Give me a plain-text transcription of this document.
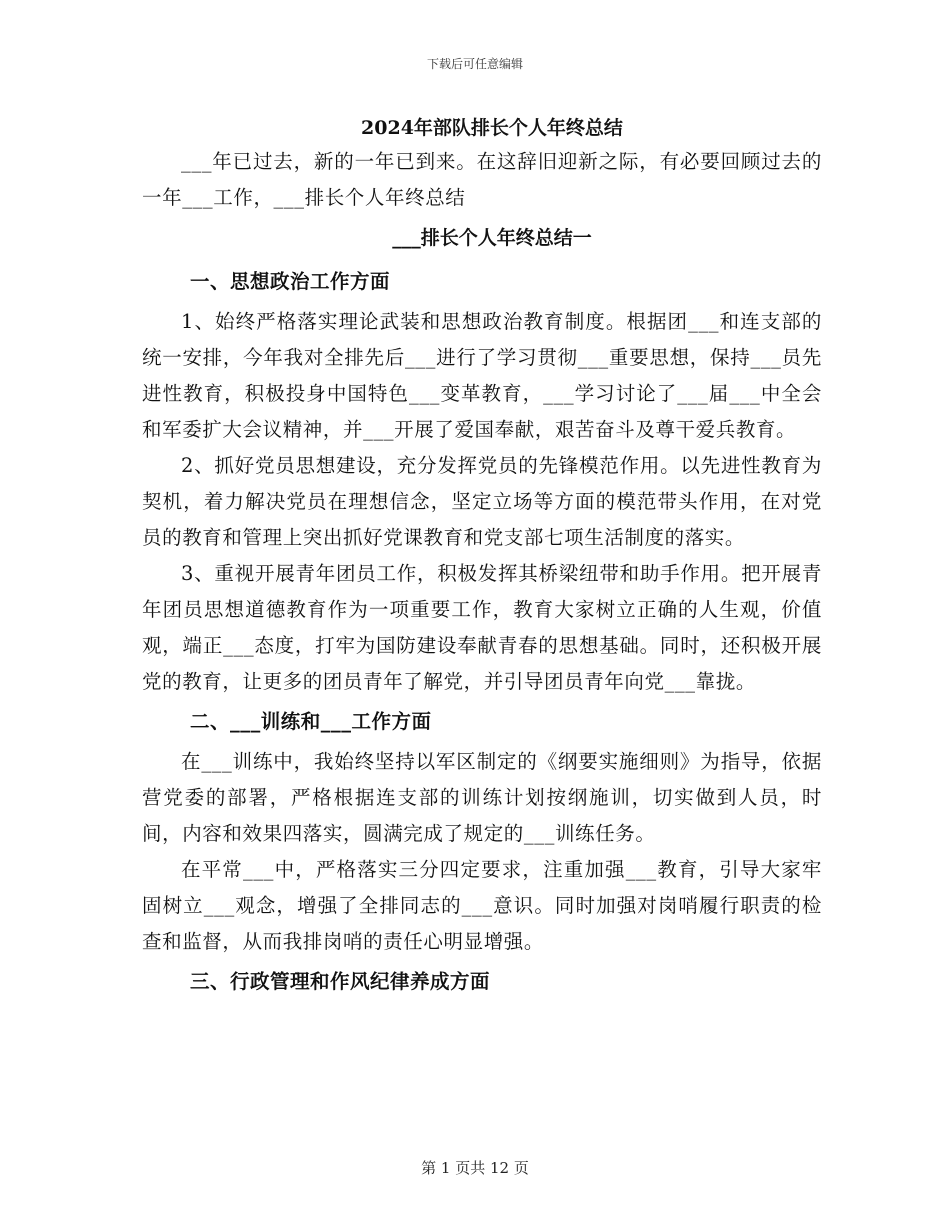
下载后可任意编辑
2024年部队排长个人年终总结

___年已过去，新的一年已到来。在这辞旧迎新之际，有必要回顾过去的一年___工作，___排长个人年终总结

___排长个人年终总结一
一、思想政治工作方面

1、始终严格落实理论武装和思想政治教育制度。根据团___和连支部的统一安排，今年我对全排先后___进行了学习贯彻___重要思想，保持___员先进性教育，积极投身中国特色___变革教育，___学习讨论了___届___中全会和军委扩大会议精神，并___开展了爱国奉献，艰苦奋斗及尊干爱兵教育。

2、抓好党员思想建设，充分发挥党员的先锋模范作用。以先进性教育为契机，着力解决党员在理想信念，坚定立场等方面的模范带头作用，在对党员的教育和管理上突出抓好党课教育和党支部七项生活制度的落实。

3、重视开展青年团员工作，积极发挥其桥梁纽带和助手作用。把开展青年团员思想道德教育作为一项重要工作，教育大家树立正确的人生观，价值观，端正___态度，打牢为国防建设奉献青春的思想基础。同时，还积极开展党的教育，让更多的团员青年了解党，并引导团员青年向党___靠拢。

二、___训练和___工作方面

在___训练中，我始终坚持以军区制定的《纲要实施细则》为指导，依据营党委的部署，严格根据连支部的训练计划按纲施训，切实做到人员，时间，内容和效果四落实，圆满完成了规定的___训练任务。

在平常___中，严格落实三分四定要求，注重加强___教育，引导大家牢固树立___观念，增强了全排同志的___意识。同时加强对岗哨履行职责的检查和监督，从而我排岗哨的责任心明显增强。

三、行政管理和作风纪律养成方面
第 1 页共 12 页
